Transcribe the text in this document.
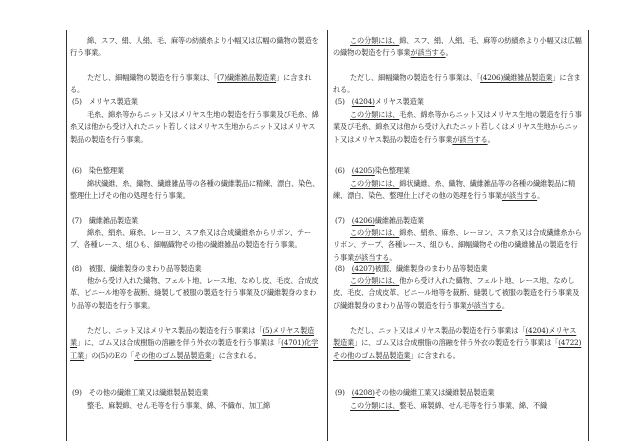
綿、スフ、絹、人絹、毛、麻等の紡績糸より小幅又は広幅の織物の製造を行う事業。
ただし、細幅織物の製造を行う事業は、「(7)繊維雑品製造業」に含まれる。
(5)　メリヤス製造業
毛糸、綿糸等からニット又はメリヤス生地の製造を行う事業及び毛糸、綿糸又は他から受け入れたニット若しくはメリヤス生地からニット又はメリヤス製品の製造を行う事業。
(6)　染色整理業
綿状繊維、糸、織物、繊維雑品等の各種の繊維製品に精練、漂白、染色、整理仕上げその他の処理を行う事業。
(7)　繊維雑品製造業
綿糸、絹糸、麻糸、レーヨン、スフ糸又は合成繊維糸からリボン、テープ、各種レース、組ひも、細幅織物その他の繊維雑品の製造を行う事業。
(8)　被服、繊維製身のまわり品等製造業
他から受け入れた織物、フェルト地、レース地、なめし皮、毛皮、合成皮革、ビニール地等を裁断、縫製して被服の製造を行う事業及び繊維製身のまわり品等の製造を行う事業。
ただし、ニット又はメリヤス製品の製造を行う事業は「(5)メリヤス製造業」に、ゴム又は合成樹脂の溶融を伴う外衣の製造を行う事業は「(4701)化学工業」の(5)のEの「その他のゴム製品製造業」に含まれる。
(9)　その他の繊維工業又は繊維製品製造業
整毛、麻製綿、せん毛等を行う事業、綿、不織布、加工綿
この分類には、綿、スフ、絹、人絹、毛、麻等の紡績糸より小幅又は広幅の織物の製造を行う事業が該当する。
ただし、細幅織物の製造を行う事業は、「(4206)繊維雑品製造業」に含まれる。
(5)　(4204)メリヤス製造業
この分類には、毛糸、綿糸等からニット又はメリヤス生地の製造を行う事業及び毛糸、綿糸又は他から受け入れたニット若しくはメリヤス生地からニット又はメリヤス製品の製造を行う事業が該当する。
(6)　(4205)染色整理業
この分類には、綿状繊維、糸、織物、繊維雑品等の各種の繊維製品に精練、漂白、染色、整理仕上げその他の処理を行う事業が該当する。
(7)　(4206)繊維雑品製造業
この分類には、綿糸、絹糸、麻糸、レーヨン、スフ糸又は合成繊維糸からリボン、テープ、各種レース、組ひも、細幅織物その他の繊維雑品の製造を行う事業が該当する。
(8)　(4207)被服、繊維製身のまわり品等製造業
この分類には、他から受け入れた織物、フェルト地、レース地、なめし皮、毛皮、合成皮革、ビニール地等を裁断、縫製して被服の製造を行う事業及び繊維製身のまわり品等の製造を行う事業が該当する。
ただし、ニット又はメリヤス製品の製造を行う事業は「(4204)メリヤス製造業」に、ゴム又は合成樹脂の溶融を伴う外衣の製造を行う事業は「(4722)その他のゴム製品製造業」に含まれる。
(9)　(4208)その他の繊維工業又は繊維製品製造業
この分類には、整毛、麻製綿、せん毛等を行う事業、綿、不織
